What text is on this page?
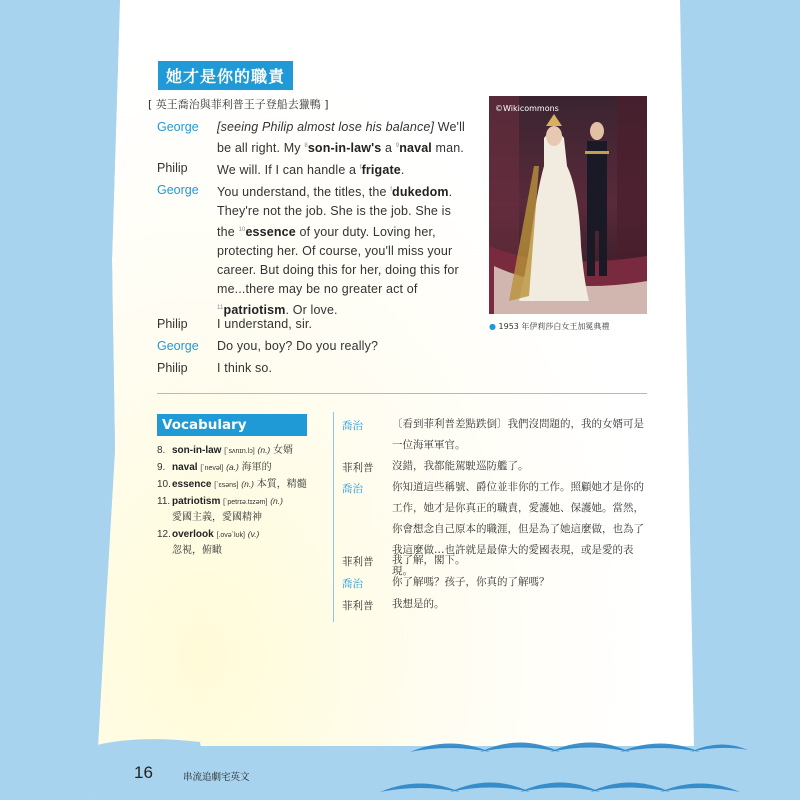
她才是你的職責
[ 英王喬治與菲利普王子登船去獵鴨 ]
George [seeing Philip almost lose his balance] We'll be all right. My $^8$son-in-law's a $^9$naval man.
Philip We will. If I can handle a $^f$frigate.
George You understand, the titles, the $^f$dukedom. They're not the job. She is the job. She is the $^{10}$essence of your duty. Loving her, protecting her. Of course, you'll miss your career. But doing this for her, doing this for me...there may be no greater act of $^{11}$patriotism. Or love.
Philip I understand, sir.
George Do you, boy? Do you really?
Philip I think so.
©Wikicommons
● 1953 年伊莉莎白女王加冕典禮
Vocabulary
8. son-in-law [ˋsʌnɪn.lɔ] (n.) 女婿
9. naval [ˋnevəl] (a.) 海軍的
10.essence [ˋɛsəns] (n.) 本質，精髓
11. patriotism [ˋpetrɪə.tɪzəm] (n.)
愛國主義，愛國精神
12.overlook [.ovəˋlʊk] (v.)
忽視，俯瞰
喬治	〔看到菲利普差點跌倒〕我們沒問題的，我的女婿可是一位海軍軍官。
菲利普 沒錯，我都能駕駛巡防艦了。
喬治	你知道這些稱號、爵位並非你的工作。照顧她才是你的工作，她才是你真正的職責，愛護她、保護她。當然，你會想念自己原本的職涯，但是為了她這麼做，也為了我這麼做…也許就是最偉大的愛國表現，或是愛的表現。
菲利普 我了解，閣下。
喬治	你了解嗎？孩子，你真的了解嗎？
菲利普 我想是的。
16	串流追劇宅英文
